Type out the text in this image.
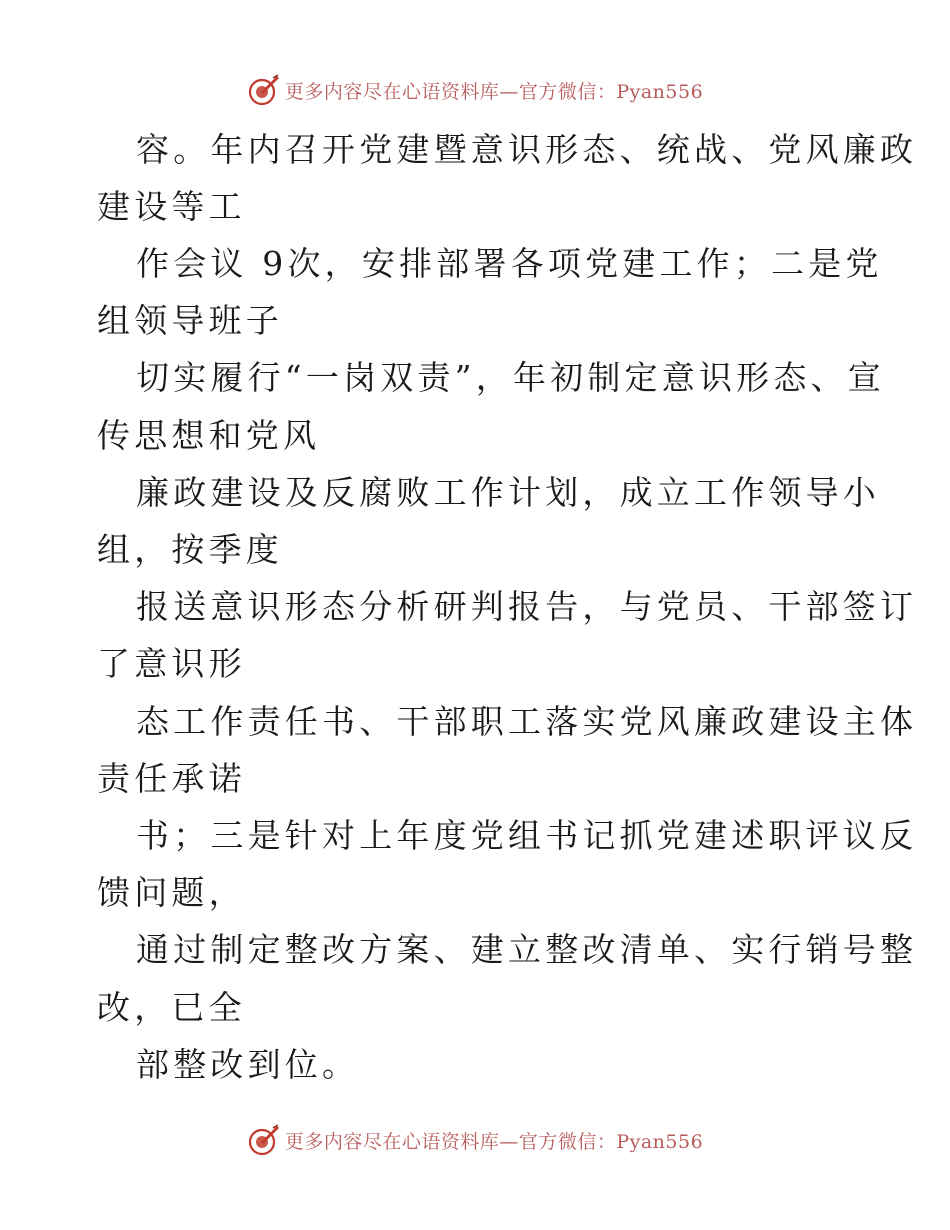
更多内容尽在心语资料库—官方微信：Pyan556
容。年内召开党建暨意识形态、统战、党风廉政
建设等工
作会议 9次，安排部署各项党建工作；二是党
组领导班子
切实履行“一岗双责”，年初制定意识形态、宣
传思想和党风
廉政建设及反腐败工作计划，成立工作领导小
组，按季度
报送意识形态分析研判报告，与党员、干部签订
了意识形
态工作责任书、干部职工落实党风廉政建设主体
责任承诺
书；三是针对上年度党组书记抓党建述职评议反
馈问题，
通过制定整改方案、建立整改清单、实行销号整
改，已全
部整改到位。
更多内容尽在心语资料库—官方微信：Pyan556
